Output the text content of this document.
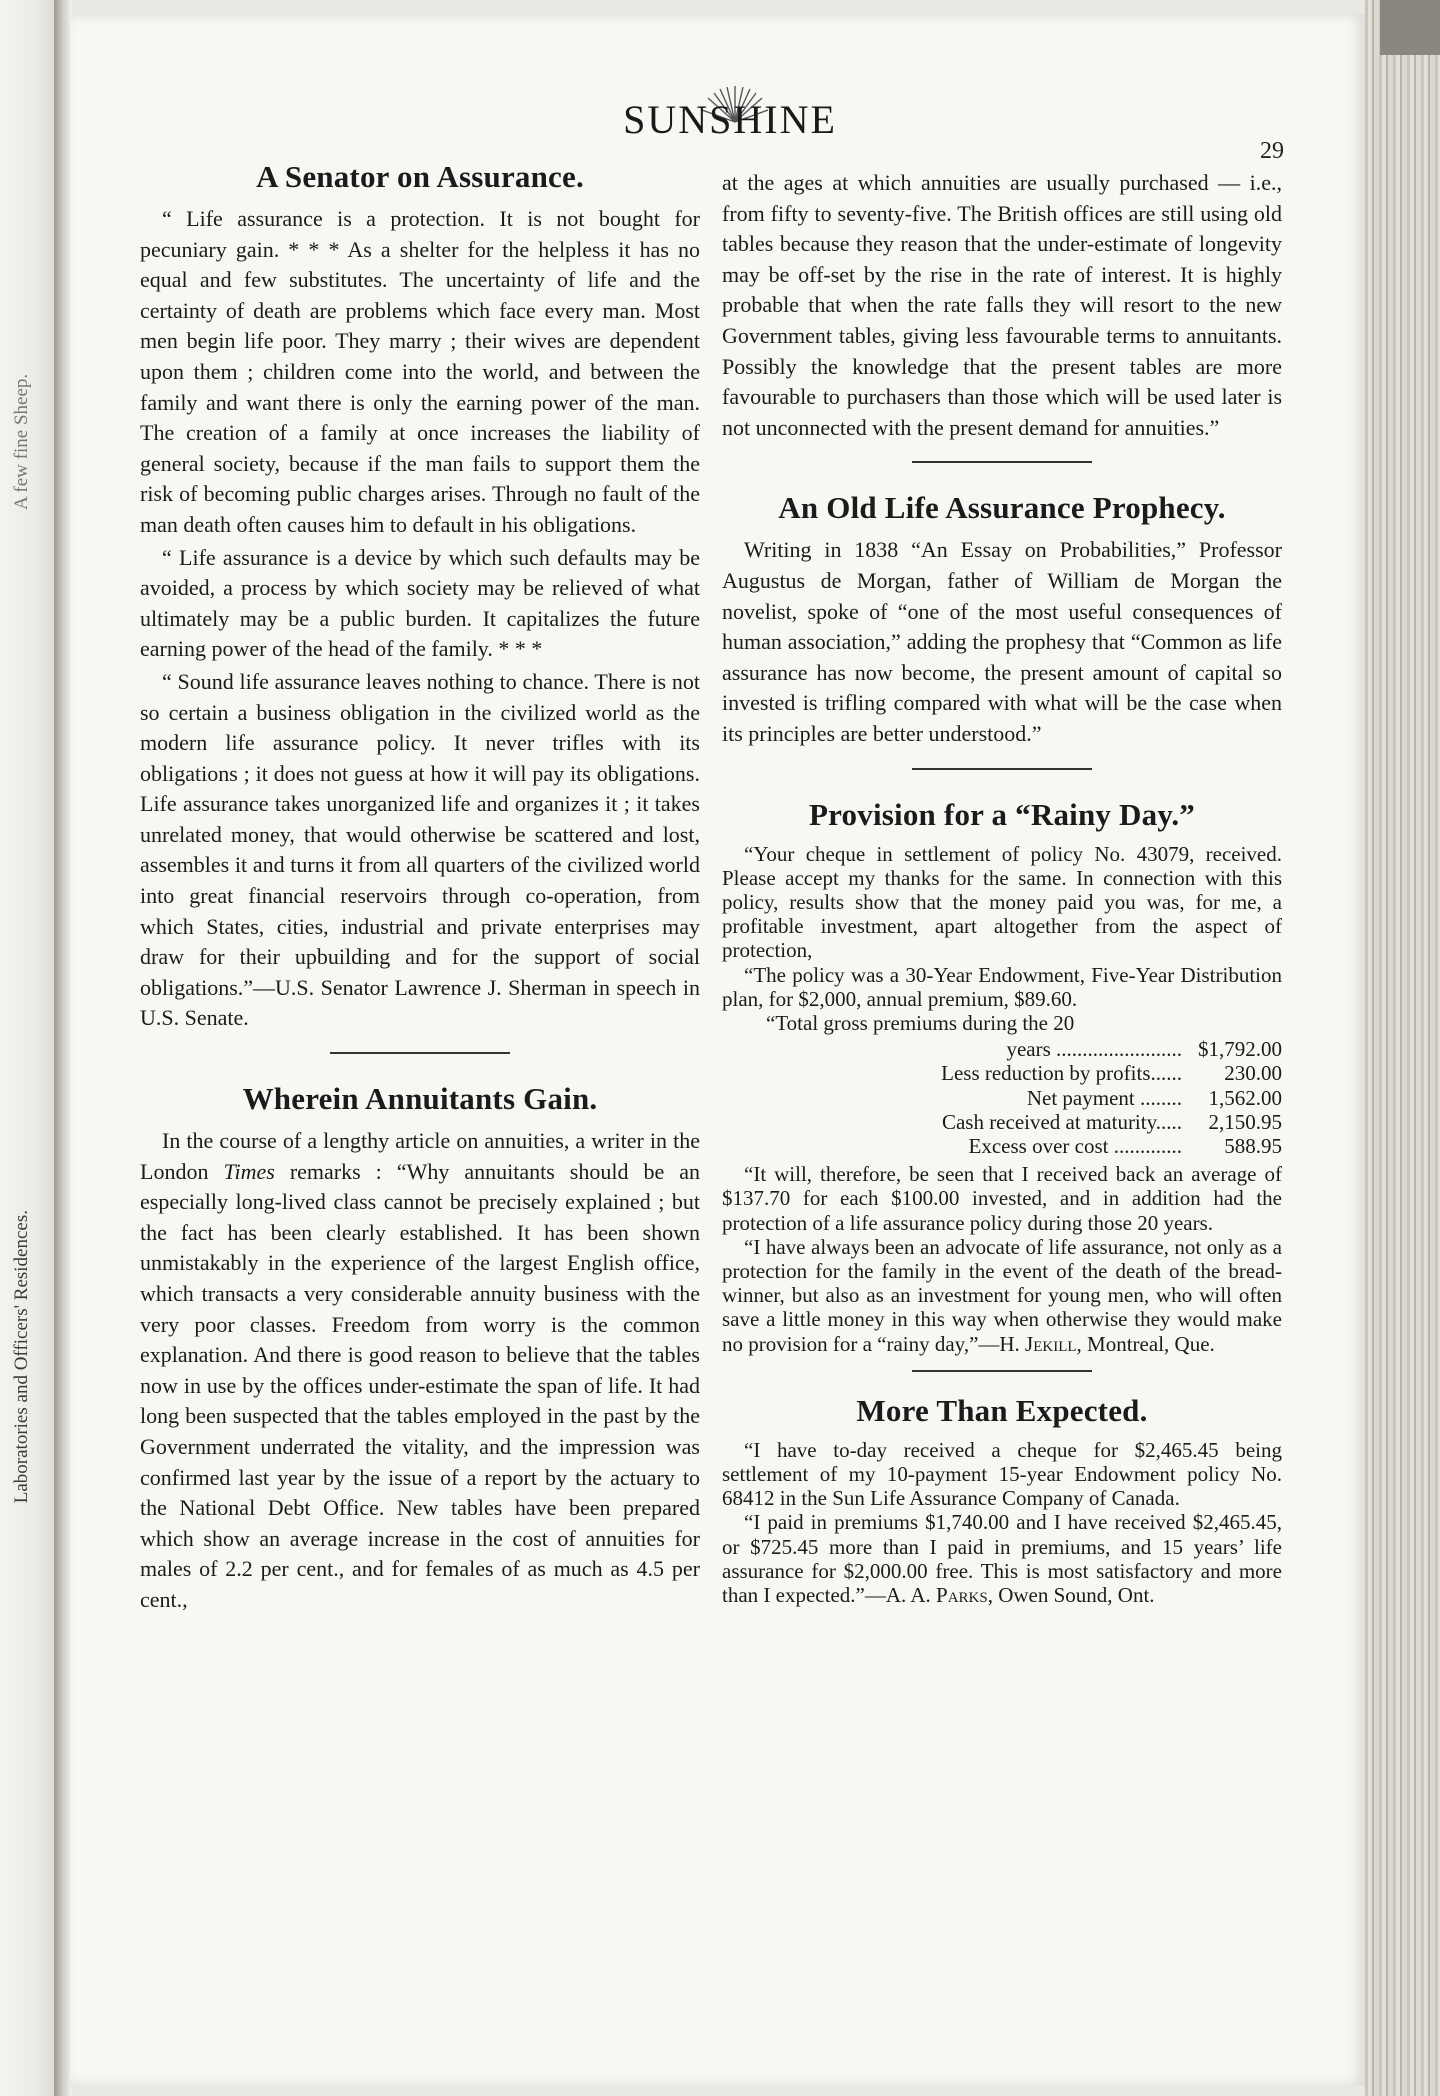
A few fine Sheep.
Laboratories and Officers' Residences.
SUNSHINE
29
A Senator on Assurance.

“ Life assurance is a protection. It is not bought for pecuniary gain. * * * As a shelter for the helpless it has no equal and few substitutes. The uncertainty of life and the certainty of death are problems which face every man. Most men begin life poor. They marry ; their wives are dependent upon them ; children come into the world, and between the family and want there is only the earning power of the man. The creation of a family at once increases the liability of general society, because if the man fails to support them the risk of becoming public charges arises. Through no fault of the man death often causes him to default in his obligations.

“ Life assurance is a device by which such defaults may be avoided, a process by which society may be relieved of what ultimately may be a public burden. It capitalizes the future earning power of the head of the family. * * *

“ Sound life assurance leaves nothing to chance. There is not so certain a business obligation in the civilized world as the modern life assurance policy. It never trifles with its obligations ; it does not guess at how it will pay its obligations. Life assurance takes unorganized life and organizes it ; it takes unrelated money, that would otherwise be scattered and lost, assembles it and turns it from all quarters of the civilized world into great financial reservoirs through co-operation, from which States, cities, industrial and private enterprises may draw for their upbuilding and for the support of social obligations.”—U.S. Senator Lawrence J. Sherman in speech in U.S. Senate.

Wherein Annuitants Gain.

In the course of a lengthy article on annuities, a writer in the London Times remarks : “Why annuitants should be an especially long-lived class cannot be precisely explained ; but the fact has been clearly established. It has been shown unmistakably in the experience of the largest English office, which transacts a very considerable annuity business with the very poor classes. Freedom from worry is the common explanation. And there is good reason to believe that the tables now in use by the offices under-estimate the span of life. It had long been suspected that the tables employed in the past by the Government underrated the vitality, and the impression was confirmed last year by the issue of a report by the actuary to the National Debt Office. New tables have been prepared which show an average increase in the cost of annuities for males of 2.2 per cent., and for females of as much as 4.5 per cent.,

at the ages at which annuities are usually purchased — i.e., from fifty to seventy-five. The British offices are still using old tables because they reason that the under-estimate of longevity may be off-set by the rise in the rate of interest. It is highly probable that when the rate falls they will resort to the new Government tables, giving less favourable terms to annuitants. Possibly the knowledge that the present tables are more favourable to purchasers than those which will be used later is not unconnected with the present demand for annuities.”

An Old Life Assurance Prophecy.

Writing in 1838 “An Essay on Probabilities,” Professor Augustus de Morgan, father of William de Morgan the novelist, spoke of “one of the most useful consequences of human association,” adding the prophesy that “Common as life assurance has now become, the present amount of capital so invested is trifling compared with what will be the case when its principles are better understood.”

Provision for a “Rainy Day.”

“Your cheque in settlement of policy No. 43079, received. Please accept my thanks for the same. In connection with this policy, results show that the money paid you was, for me, a profitable investment, apart altogether from the aspect of protection,

“The policy was a 30-Year Endowment, Five-Year Distribution plan, for $2,000, annual premium, $89.60.

“Total gross premiums during the 20

years ........................ $1,792.00
Less reduction by profits......	230.00
Net payment ........	1,562.00
Cash received at maturity.....	2,150.95
Excess over cost .............	588.95

“It will, therefore, be seen that I received back an average of $137.70 for each $100.00 invested, and in addition had the protection of a life assurance policy during those 20 years.

“I have always been an advocate of life assurance, not only as a protection for the family in the event of the death of the bread-winner, but also as an investment for young men, who will often save a little money in this way when otherwise they would make no provision for a “rainy day,”—H. Jekill, Montreal, Que.

More Than Expected.

“I have to-day received a cheque for $2,465.45 being settlement of my 10-payment 15-year Endowment policy No. 68412 in the Sun Life Assurance Company of Canada.

“I paid in premiums $1,740.00 and I have received $2,465.45, or $725.45 more than I paid in premiums, and 15 years’ life assurance for $2,000.00 free. This is most satisfactory and more than I expected.”—A. A. Parks, Owen Sound, Ont.
